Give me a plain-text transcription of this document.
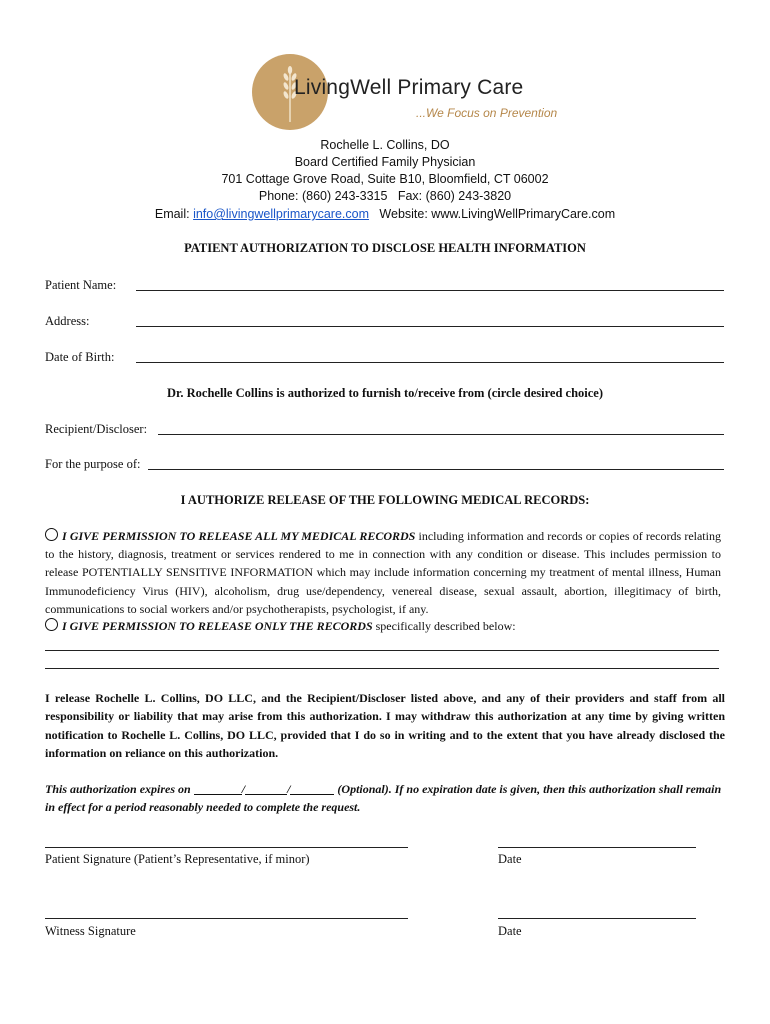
LivingWell Primary Care
...We Focus on Prevention
Rochelle L. Collins, DO
Board Certified Family Physician
701 Cottage Grove Road, Suite B10, Bloomfield, CT 06002
Phone: (860) 243-3315   Fax: (860) 243-3820
Email: info@livingwellprimarycare.com   Website: www.LivingWellPrimaryCare.com
PATIENT AUTHORIZATION TO DISCLOSE HEALTH INFORMATION
Patient Name:
Address:
Date of Birth:
Dr. Rochelle Collins is authorized to furnish to/receive from (circle desired choice)
Recipient/Discloser:
For the purpose of:
I AUTHORIZE RELEASE OF THE FOLLOWING MEDICAL RECORDS:
I GIVE PERMISSION TO RELEASE ALL MY MEDICAL RECORDS including information and records or copies of records relating to the history, diagnosis, treatment or services rendered to me in connection with any condition or disease. This includes permission to release POTENTIALLY SENSITIVE INFORMATION which may include information concerning my treatment of mental illness, Human Immunodeficiency Virus (HIV), alcoholism, drug use/dependency, venereal disease, sexual assault, abortion, illegitimacy of birth, communications to social workers and/or psychotherapists, psychologist, if any.
I GIVE PERMISSION TO RELEASE ONLY THE RECORDS specifically described below:
I release Rochelle L. Collins, DO LLC, and the Recipient/Discloser listed above, and any of their providers and staff from all responsibility or liability that may arise from this authorization. I may withdraw this authorization at any time by giving written notification to Rochelle L. Collins, DO LLC, provided that I do so in writing and to the extent that you have already disclosed the information on reliance on this authorization.
This authorization expires on	/	/	(Optional). If no expiration date is given, then this authorization shall remain in effect for a period reasonably needed to complete the request.
Patient Signature (Patient’s Representative, if minor)	Date
Witness Signature	Date
